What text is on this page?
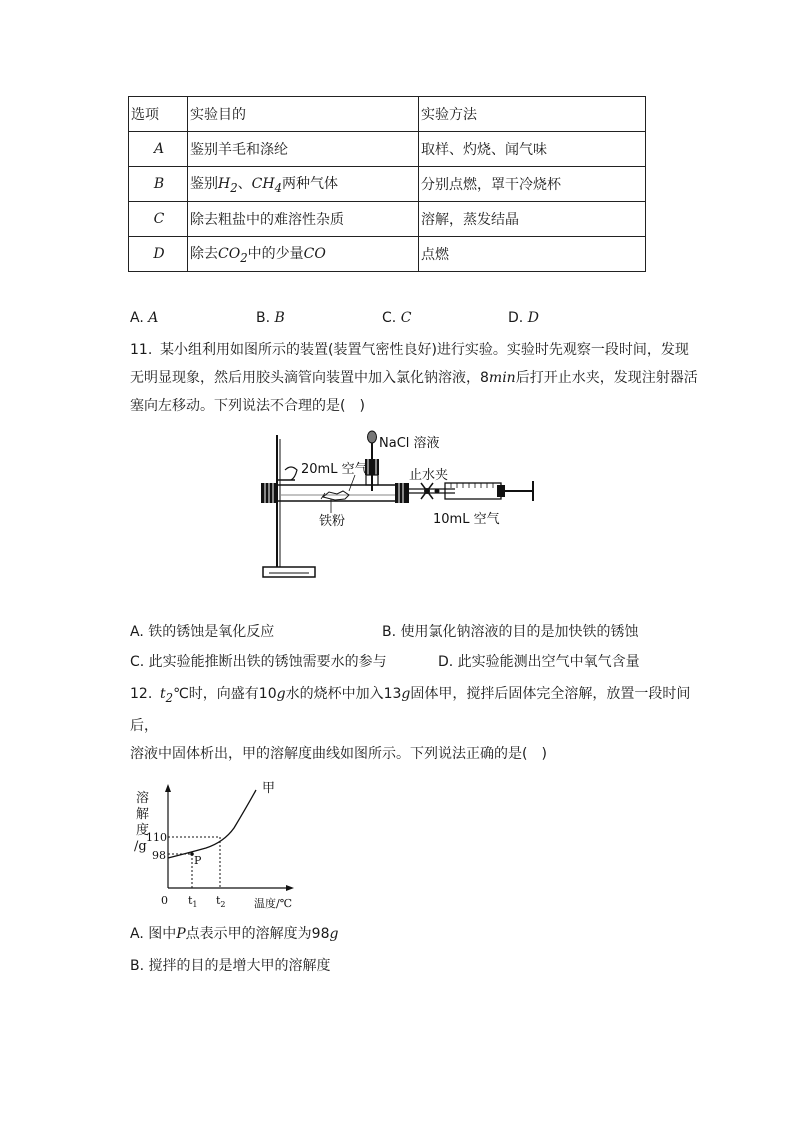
选项	实验目的	实验方法
A	鉴别羊毛和涤纶	取样、灼烧、闻气味
B	鉴别$H_2$、$CH_4$两种气体	分别点燃，罩干冷烧杯
C	除去粗盐中的难溶性杂质	溶解，蒸发结晶
D	除去$CO_2$中的少量CO	点燃
A. A	B. B	C. C	D. D
11. 某小组利用如图所示的装置(装置气密性良好)进行实验。实验时先观察一段时间，发现
无明显现象，然后用胶头滴管向装置中加入氯化钠溶液，8min后打开止水夹，发现注射器活
塞向左移动。下列说法不合理的是(　)
NaCl 溶液
20mL 空气	止水夹
铁粉	10mL 空气
A. 铁的锈蚀是氧化反应	B. 使用氯化钠溶液的目的是加快铁的锈蚀
C. 此实验能推断出铁的锈蚀需要水的参与	D. 此实验能测出空气中氧气含量
12. $t_2℃$时，向盛有10g水的烧杯中加入13g固体甲，搅拌后固体完全溶解，放置一段时间后，
溶液中固体析出，甲的溶解度曲线如图所示。下列说法正确的是(　)
溶
解
度
/g
甲
110
98	P
0 $t_1$ $t_2$	温度/℃
A. 图中P点表示甲的溶解度为98g
B. 搅拌的目的是增大甲的溶解度
